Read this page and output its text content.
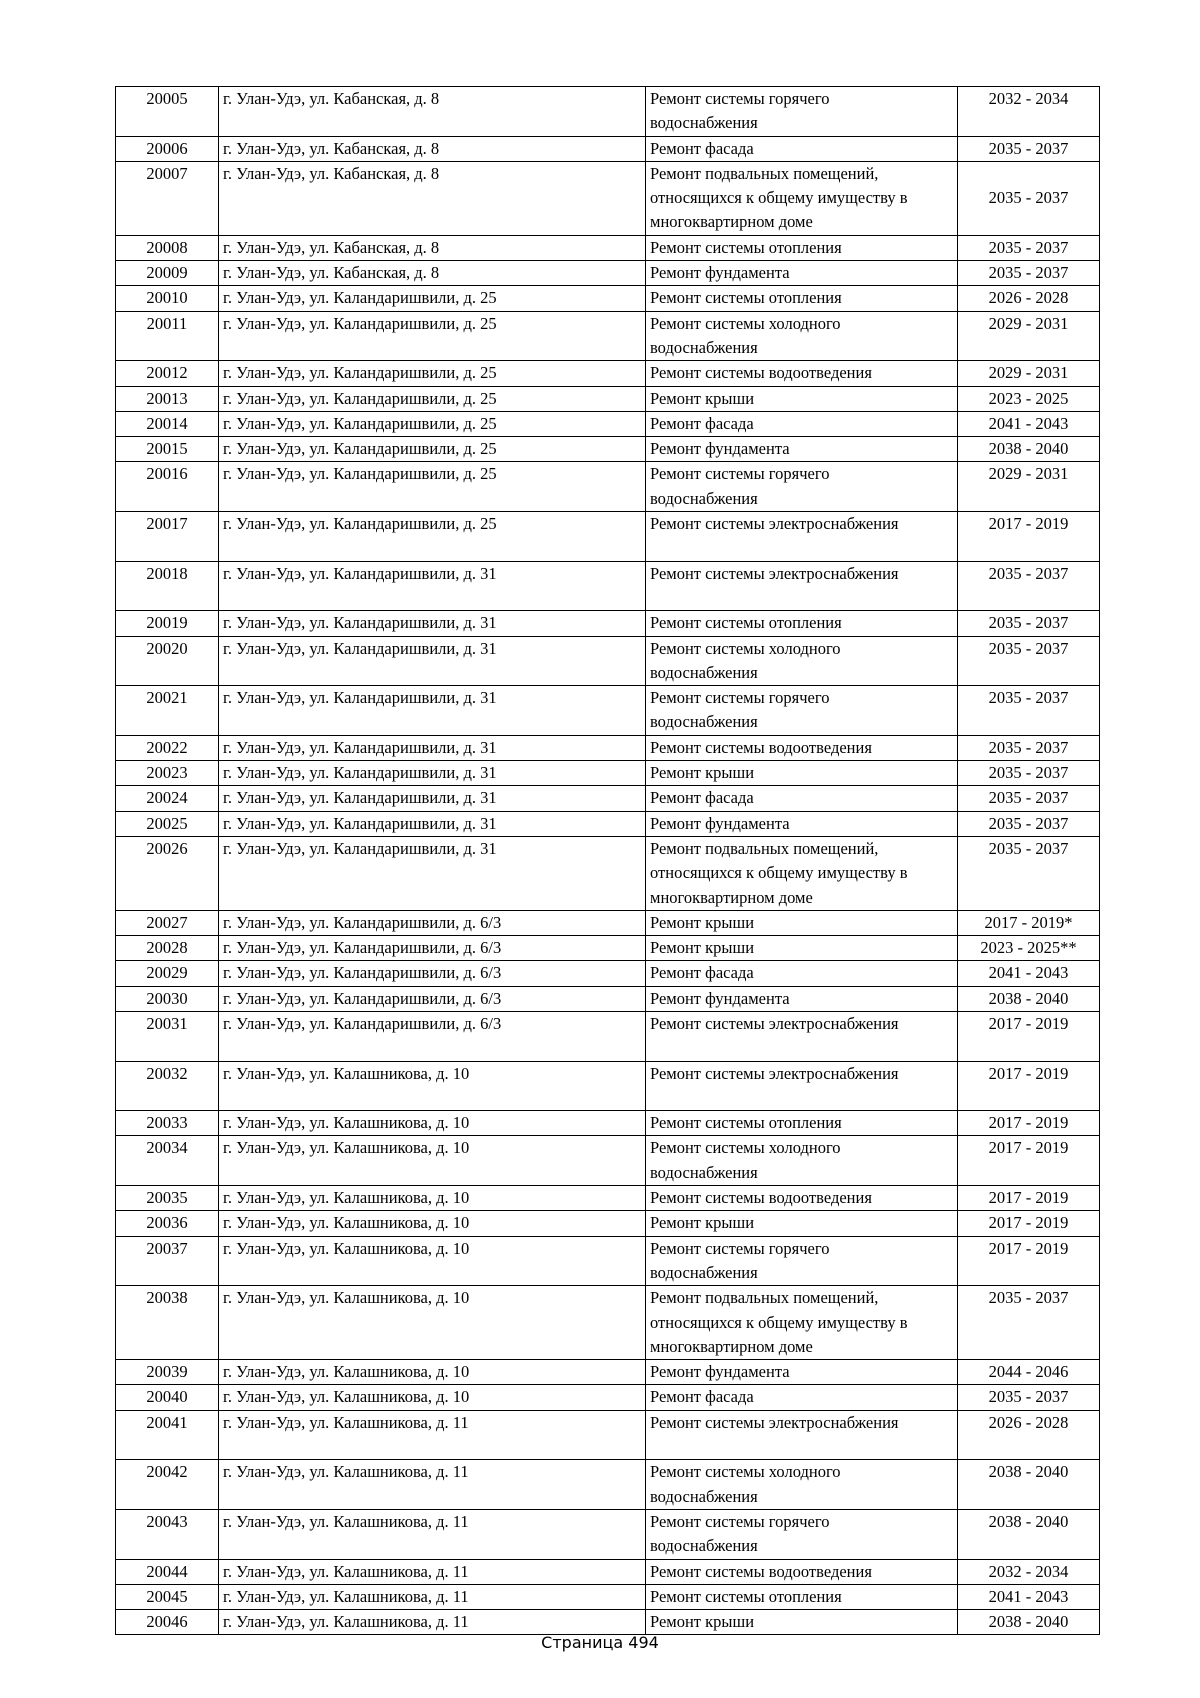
20005	г. Улан-Удэ, ул. Кабанская, д. 8	Ремонт системы горячего
водоснабжения	2032 - 2034
20006	г. Улан-Удэ, ул. Кабанская, д. 8	Ремонт фасада	2035 - 2037
20007	г. Улан-Удэ, ул. Кабанская, д. 8	Ремонт подвальных помещений,
относящихся к общему имуществу в
многоквартирном доме	2035 - 2037
20008	г. Улан-Удэ, ул. Кабанская, д. 8	Ремонт системы отопления	2035 - 2037
20009	г. Улан-Удэ, ул. Кабанская, д. 8	Ремонт фундамента	2035 - 2037
20010	г. Улан-Удэ, ул. Каландаришвили, д. 25	Ремонт системы отопления	2026 - 2028
20011	г. Улан-Удэ, ул. Каландаришвили, д. 25	Ремонт системы холодного
водоснабжения	2029 - 2031
20012	г. Улан-Удэ, ул. Каландаришвили, д. 25	Ремонт системы водоотведения	2029 - 2031
20013	г. Улан-Удэ, ул. Каландаришвили, д. 25	Ремонт крыши	2023 - 2025
20014	г. Улан-Удэ, ул. Каландаришвили, д. 25	Ремонт фасада	2041 - 2043
20015	г. Улан-Удэ, ул. Каландаришвили, д. 25	Ремонт фундамента	2038 - 2040
20016	г. Улан-Удэ, ул. Каландаришвили, д. 25	Ремонт системы горячего
водоснабжения	2029 - 2031
20017	г. Улан-Удэ, ул. Каландаришвили, д. 25	Ремонт системы электроснабжения	2017 - 2019
20018	г. Улан-Удэ, ул. Каландаришвили, д. 31	Ремонт системы электроснабжения	2035 - 2037
20019	г. Улан-Удэ, ул. Каландаришвили, д. 31	Ремонт системы отопления	2035 - 2037
20020	г. Улан-Удэ, ул. Каландаришвили, д. 31	Ремонт системы холодного
водоснабжения	2035 - 2037
20021	г. Улан-Удэ, ул. Каландаришвили, д. 31	Ремонт системы горячего
водоснабжения	2035 - 2037
20022	г. Улан-Удэ, ул. Каландаришвили, д. 31	Ремонт системы водоотведения	2035 - 2037
20023	г. Улан-Удэ, ул. Каландаришвили, д. 31	Ремонт крыши	2035 - 2037
20024	г. Улан-Удэ, ул. Каландаришвили, д. 31	Ремонт фасада	2035 - 2037
20025	г. Улан-Удэ, ул. Каландаришвили, д. 31	Ремонт фундамента	2035 - 2037
20026	г. Улан-Удэ, ул. Каландаришвили, д. 31	Ремонт подвальных помещений,
относящихся к общему имуществу в
многоквартирном доме	2035 - 2037
20027	г. Улан-Удэ, ул. Каландаришвили, д. 6/3	Ремонт крыши	2017 - 2019*
20028	г. Улан-Удэ, ул. Каландаришвили, д. 6/3	Ремонт крыши	2023 - 2025**
20029	г. Улан-Удэ, ул. Каландаришвили, д. 6/3	Ремонт фасада	2041 - 2043
20030	г. Улан-Удэ, ул. Каландаришвили, д. 6/3	Ремонт фундамента	2038 - 2040
20031	г. Улан-Удэ, ул. Каландаришвили, д. 6/3	Ремонт системы электроснабжения	2017 - 2019
20032	г. Улан-Удэ, ул. Калашникова, д. 10	Ремонт системы электроснабжения	2017 - 2019
20033	г. Улан-Удэ, ул. Калашникова, д. 10	Ремонт системы отопления	2017 - 2019
20034	г. Улан-Удэ, ул. Калашникова, д. 10	Ремонт системы холодного
водоснабжения	2017 - 2019
20035	г. Улан-Удэ, ул. Калашникова, д. 10	Ремонт системы водоотведения	2017 - 2019
20036	г. Улан-Удэ, ул. Калашникова, д. 10	Ремонт крыши	2017 - 2019
20037	г. Улан-Удэ, ул. Калашникова, д. 10	Ремонт системы горячего
водоснабжения	2017 - 2019
20038	г. Улан-Удэ, ул. Калашникова, д. 10	Ремонт подвальных помещений,
относящихся к общему имуществу в
многоквартирном доме	2035 - 2037
20039	г. Улан-Удэ, ул. Калашникова, д. 10	Ремонт фундамента	2044 - 2046
20040	г. Улан-Удэ, ул. Калашникова, д. 10	Ремонт фасада	2035 - 2037
20041	г. Улан-Удэ, ул. Калашникова, д. 11	Ремонт системы электроснабжения	2026 - 2028
20042	г. Улан-Удэ, ул. Калашникова, д. 11	Ремонт системы холодного
водоснабжения	2038 - 2040
20043	г. Улан-Удэ, ул. Калашникова, д. 11	Ремонт системы горячего
водоснабжения	2038 - 2040
20044	г. Улан-Удэ, ул. Калашникова, д. 11	Ремонт системы водоотведения	2032 - 2034
20045	г. Улан-Удэ, ул. Калашникова, д. 11	Ремонт системы отопления	2041 - 2043
20046	г. Улан-Удэ, ул. Калашникова, д. 11	Ремонт крыши	2038 - 2040
Страница 494
